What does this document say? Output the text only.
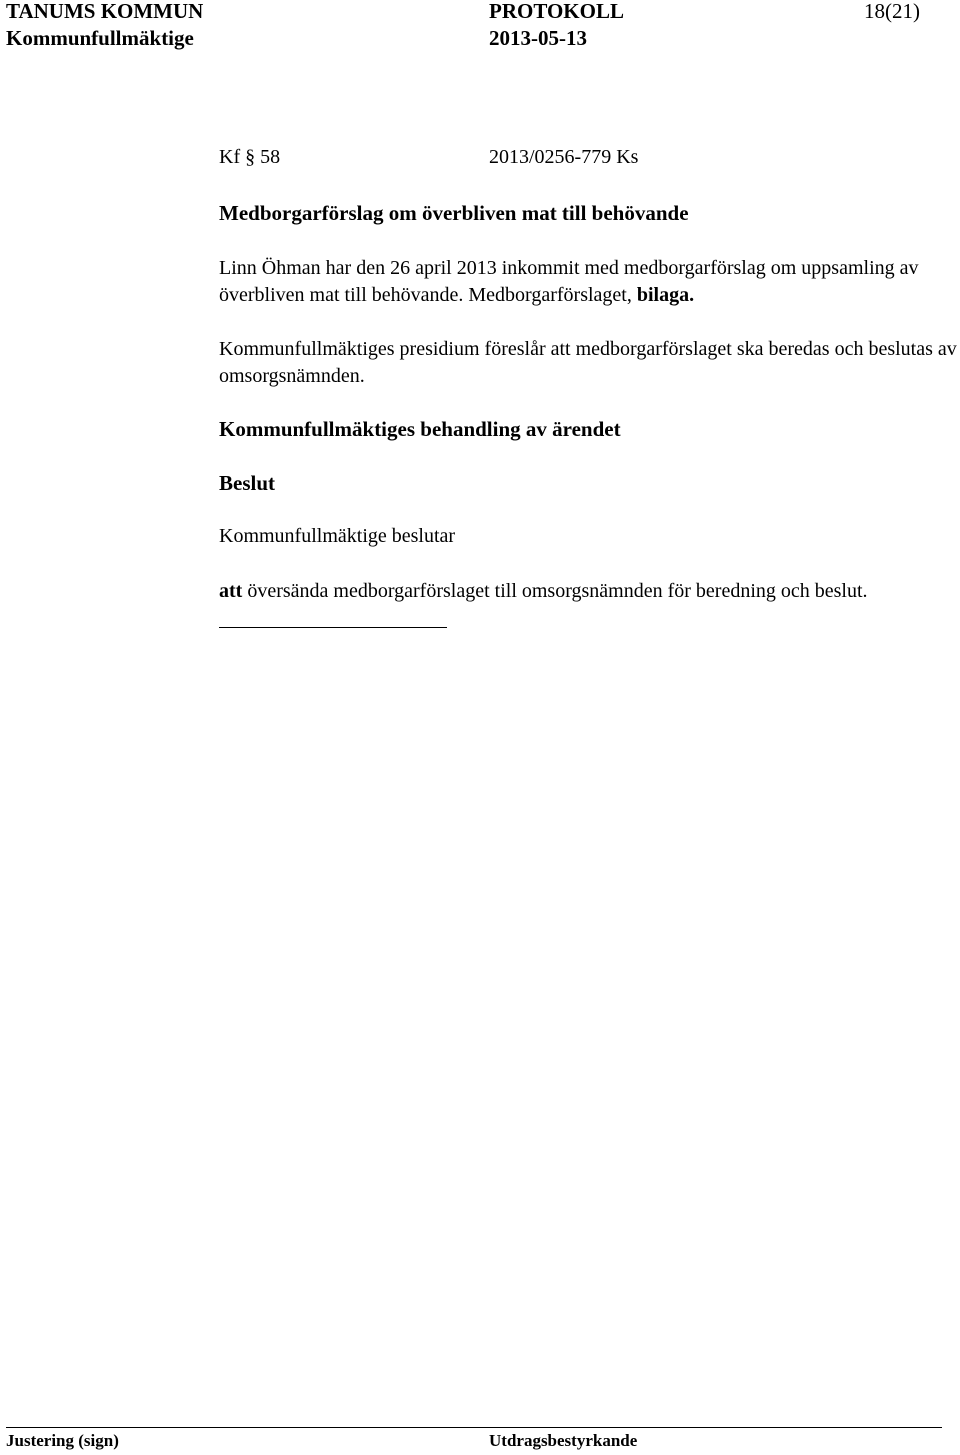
TANUMS KOMMUN	PROTOKOLL	18(21)
Kommunfullmäktige	2013-05-13
Kf § 58	2013/0256-779 Ks
Medborgarförslag om överbliven mat till behövande
Linn Öhman har den 26 april 2013 inkommit med medborgarförslag om uppsamling av överbliven mat till behövande. Medborgarförslaget, bilaga.
Kommunfullmäktiges presidium föreslår att medborgarförslaget ska beredas och beslutas av omsorgsnämnden.
Kommunfullmäktiges behandling av ärendet
Beslut
Kommunfullmäktige beslutar
att översända medborgarförslaget till omsorgsnämnden för beredning och beslut.
Justering (sign)	Utdragsbestyrkande
